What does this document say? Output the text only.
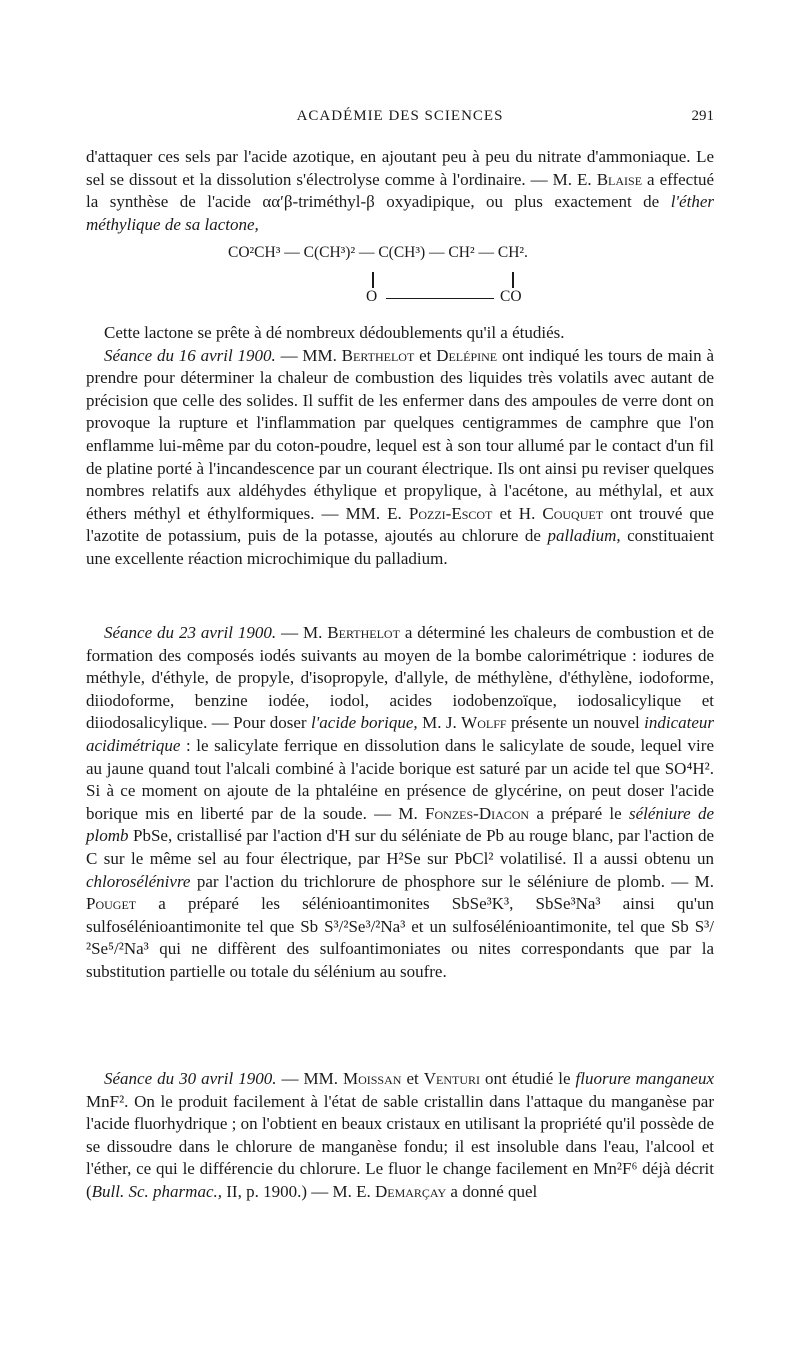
ACADÉMIE DES SCIENCES	291

d'attaquer ces sels par l'acide azotique, en ajoutant peu à peu du nitrate d'ammoniaque. Le sel se dissout et la dissolution s'électrolyse comme à l'ordinaire. — M. E. Blaise a effectué la synthèse de l'acide αα′β-triméthyl-β oxyadipique, ou plus exactement de l'éther méthylique de sa lactone,

CO²CH³ — C(CH³)² — C(CH³) — CH² — CH².
O	CO

Cette lactone se prête à dé nombreux dédoublements qu'il a étudiés.

Séance du 16 avril 1900. — MM. Berthelot et Delépine ont indiqué les tours de main à prendre pour déterminer la chaleur de combustion des liquides très volatils avec autant de précision que celle des solides. Il suffit de les enfermer dans des ampoules de verre dont on provoque la rupture et l'inflammation par quelques centigrammes de camphre que l'on enflamme lui-même par du coton-poudre, lequel est à son tour allumé par le contact d'un fil de platine porté à l'incandescence par un courant électrique. Ils ont ainsi pu reviser quelques nombres relatifs aux aldéhydes éthylique et propylique, à l'acétone, au méthylal, et aux éthers méthyl et éthylformiques. — MM. E. Pozzi-Escot et H. Couquet ont trouvé que l'azotite de potassium, puis de la potasse, ajoutés au chlorure de palladium, constituaient une excellente réaction microchimique du palladium.

Séance du 23 avril 1900. — M. Berthelot a déterminé les chaleurs de combustion et de formation des composés iodés suivants au moyen de la bombe calorimétrique : iodures de méthyle, d'éthyle, de propyle, d'isopropyle, d'allyle, de méthylène, d'éthylène, iodoforme, diiodoforme, benzine iodée, iodol, acides iodobenzoïque, iodosalicylique et diiodosalicylique. — Pour doser l'acide borique, M. J. Wolff présente un nouvel indicateur acidimétrique : le salicylate ferrique en dissolution dans le salicylate de soude, lequel vire au jaune quand tout l'alcali combiné à l'acide borique est saturé par un acide tel que SO⁴H². Si à ce moment on ajoute de la phtaléine en présence de glycérine, on peut doser l'acide borique mis en liberté par de la soude. — M. Fonzes-Diacon a préparé le séléniure de plomb PbSe, cristallisé par l'action d'H sur du séléniate de Pb au rouge blanc, par l'action de C sur le même sel au four électrique, par H²Se sur PbCl² volatilisé. Il a aussi obtenu un chlorosélénivre par l'action du trichlorure de phosphore sur le séléniure de plomb. — M. Pouget a préparé les sélénioantimonites SbSe³K³, SbSe³Na³ ainsi qu'un sulfosélénioantimonite tel que Sb S³/²Se³/²Na³ et un sulfosélénioantimonite, tel que Sb S³/²Se⁵/²Na³ qui ne diffèrent des sulfoantimoniates ou nites correspondants que par la substitution partielle ou totale du sélénium au soufre.

Séance du 30 avril 1900. — MM. Moissan et Venturi ont étudié le fluorure manganeux MnF². On le produit facilement à l'état de sable cristallin dans l'attaque du manganèse par l'acide fluorhydrique ; on l'obtient en beaux cristaux en utilisant la propriété qu'il possède de se dissoudre dans le chlorure de manganèse fondu; il est insoluble dans l'eau, l'alcool et l'éther, ce qui le différencie du chlorure. Le fluor le change facilement en Mn²F⁶ déjà décrit (Bull. Sc. pharmac., II, p. 1900.) — M. E. Demarçay a donné quel
